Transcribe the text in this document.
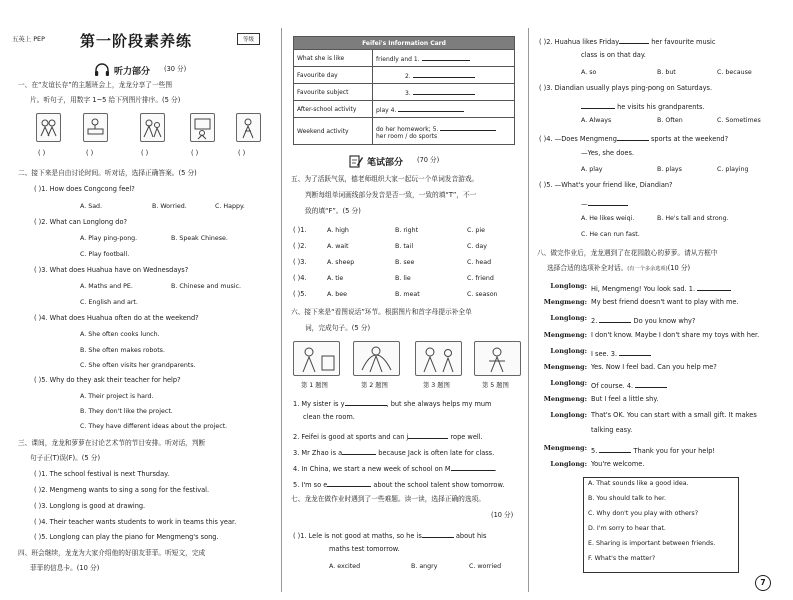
五英上 PEP 第一阶段素养练	等级
听力部分 (30 分)
一、在“友谊长存”的主题班会上，龙龙分享了一些图
片。听句子，用数字 1~5 给下列图片排序。(5 分)
( )	( )	( )	( )	( )
二、接下来是自由讨论时间。听对话，选择正确答案。(5 分)
( )1. How does Congcong feel?
A. Sad.	B. Worried.	C. Happy.
( )2. What can Longlong do?
A. Play ping-pong.	B. Speak Chinese.
C. Play football.
( )3. What does Huahua have on Wednesdays?
A. Maths and PE.	B. Chinese and music.
C. English and art.
( )4. What does Huahua often do at the weekend?
A. She often cooks lunch.
B. She often makes robots.
C. She often visits her grandparents.
( )5. Why do they ask their teacher for help?
A. Their project is hard.
B. They don't like the project.
C. They have different ideas about the project.
三、课间，龙龙和萝萝在讨论艺术节的节目安排。听对话，判断
句子正(T)误(F)。(5 分)
( )1. The school festival is next Thursday.
( )2. Mengmeng wants to sing a song for the festival.
( )3. Longlong is good at drawing.
( )4. Their teacher wants students to work in teams this year.
( )5. Longlong can play the piano for Mengmeng's song.
四、班会继续，龙龙为大家介绍他的好朋友菲菲。听短文，完成
菲菲的信息卡。(10 分)
Feifei's Information Card	
What she is like	friendly and 1.
Favourite day	2.
Favourite subject	3.
After-school activity	play 4.
Weekend activity	do her homework; 5.
her room / do sports
笔试部分 (70 分)
五、为了活跃气氛，德老师组织大家一起玩一个单词发音游戏。
判断每组单词画线部分发音是否一致，一致的填“T”，不一
致的填“F”。(5 分)
( )1.	A. high	B. right	C. pie
( )2.	A. wait	B. tail	C. day
( )3.	A. sheep	B. see	C. head
( )4.	A. tie	B. lie	C. friend
( )5.	A. bee	B. meat	C. season
六、接下来是“看图说话”环节。根据图片和首字母提示补全单
词，完成句子。(5 分)
第 1 题图	第 2 题图	第 3 题图	第 5 题图
1. My sister is y	, but she always helps my mum
clean the room.
2. Feifei is good at sports and can j	rope well.
3. Mr Zhao is a	because Jack is often late for class.
4. In China, we start a new week of school on M	.
5. I'm so e	about the school talent show tomorrow.
七、龙龙在做作业时遇到了一些难题。读一读，选择正确的选项。
(10 分)
( )1. Lele is not good at maths, so he is	about his
maths test tomorrow.
A. excited	B. angry	C. worried
( )2. Huahua likes Friday	her favourite music
class is on that day.
A. so	B. but	C. because
( )3. Diandian usually plays ping-pong on Saturdays.
he visits his grandparents.
A. Always	B. Often	C. Sometimes
( )4. —Does Mengmeng	sports at the weekend?
—Yes, she does.
A. play	B. plays	C. playing
( )5. —What's your friend like, Diandian?
—
A. He likes weiqi.	B. He's tall and strong.
C. He can run fast.
八、做完作业后，龙龙遇到了在花园散心的萝萝。请从方框中
选择合适的选项补全对话。(有一个多余选项)(10 分)
Longlong: Hi, Mengmeng! You look sad. 1.
Mengmeng: My best friend doesn't want to play with me.
Longlong: 2.	Do you know why?
Mengmeng: I don't know. Maybe I don't share my toys with her.
Longlong: I see. 3.
Mengmeng: Yes. Now I feel bad. Can you help me?
Longlong: Of course. 4.
Mengmeng: But I feel a little shy.
Longlong: That's OK. You can start with a small gift. It makes
talking easy.
Mengmeng: 5.	Thank you for your help!
Longlong: You're welcome.
A. That sounds like a good idea.
B. You should talk to her.
C. Why don't you play with others?
D. I'm sorry to hear that.
E. Sharing is important between friends.
F. What's the matter?
7
